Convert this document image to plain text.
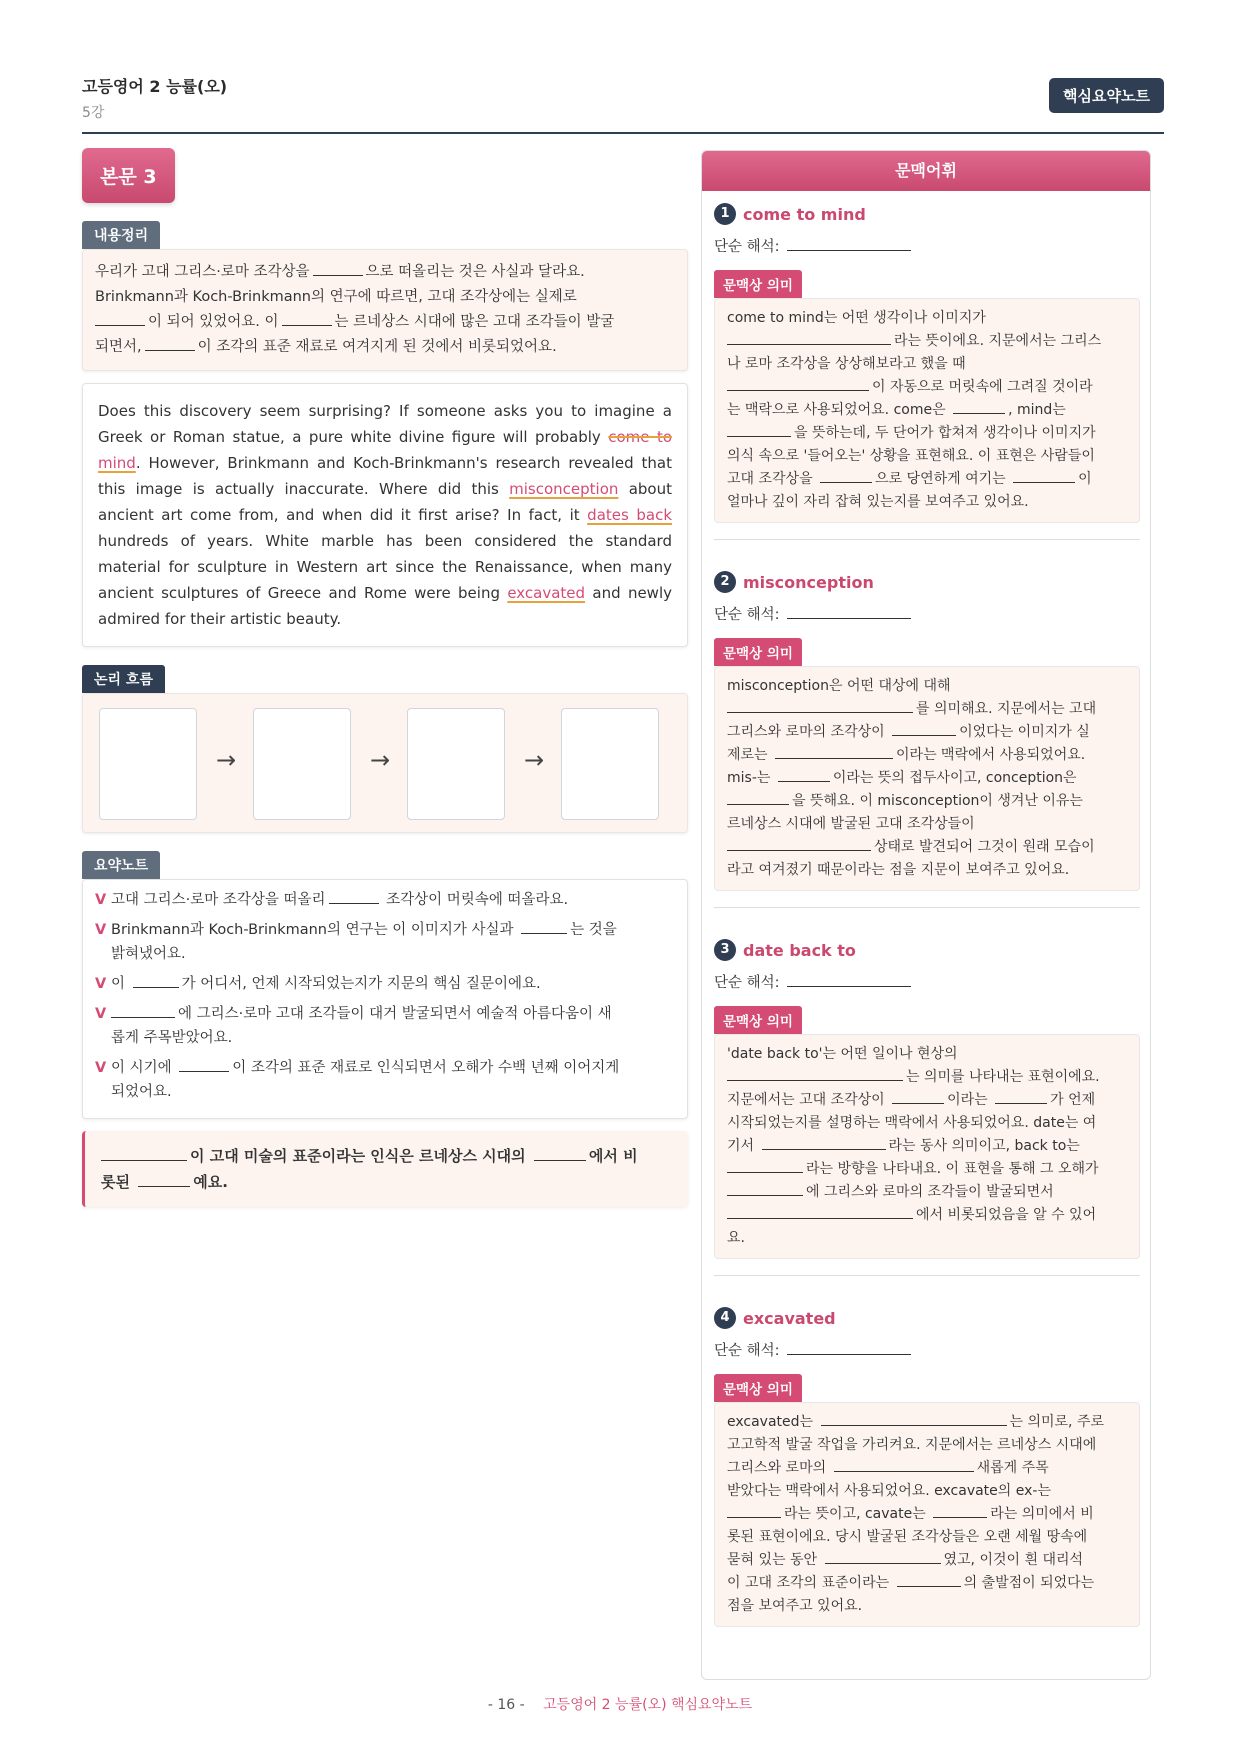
고등영어 2 능률(오)
5강
핵심요약노트
본문 3
내용정리
우리가 고대 그리스·로마 조각상을	으로 떠올리는 것은 사실과 달라요.
Brinkmann과 Koch-Brinkmann의 연구에 따르면, 고대 조각상에는 실제로
이 되어 있었어요. 이	는 르네상스 시대에 많은 고대 조각들이 발굴
되면서,	이 조각의 표준 재료로 여겨지게 된 것에서 비롯되었어요.
Does this discovery seem surprising? If someone asks you to imagine a Greek or Roman statue, a pure white divine figure will probably come to mind. However, Brinkmann and Koch-Brinkmann's research revealed that this image is actually inaccurate. Where did this misconception about ancient art come from, and when did it first arise? In fact, it dates back hundreds of years. White marble has been considered the standard material for sculpture in Western art since the Renaissance, when many ancient sculptures of Greece and Rome were being excavated and newly admired for their artistic beauty.
논리 흐름
→	→	→
요약노트
V 고대 그리스·로마 조각상을 떠올리	조각상이 머릿속에 떠올라요.
V Brinkmann과 Koch-Brinkmann의 연구는 이 이미지가 사실과	는 것을
밝혀냈어요.
V 이	가 어디서, 언제 시작되었는지가 지문의 핵심 질문이에요.
V	에 그리스·로마 고대 조각들이 대거 발굴되면서 예술적 아름다움이 새
롭게 주목받았어요.
V 이 시기에	이 조각의 표준 재료로 인식되면서 오해가 수백 년째 이어지게
되었어요.
이 고대 미술의 표준이라는 인식은 르네상스 시대의	에서 비
롯된	예요.
문맥어휘
1 come to mind
단순 해석:
문맥상 의미
come to mind는 어떤 생각이나 이미지가
라는 뜻이에요. 지문에서는 그리스
나 로마 조각상을 상상해보라고 했을 때
이 자동으로 머릿속에 그려질 것이라
는 맥락으로 사용되었어요. come은	, mind는
을 뜻하는데, 두 단어가 합쳐져 생각이나 이미지가
의식 속으로 '들어오는' 상황을 표현해요. 이 표현은 사람들이
고대 조각상을	으로 당연하게 여기는	이
얼마나 깊이 자리 잡혀 있는지를 보여주고 있어요.
2 misconception
단순 해석:
문맥상 의미
misconception은 어떤 대상에 대해
를 의미해요. 지문에서는 고대
그리스와 로마의 조각상이	이었다는 이미지가 실
제로는	이라는 맥락에서 사용되었어요.
mis-는	이라는 뜻의 접두사이고, conception은
을 뜻해요. 이 misconception이 생겨난 이유는
르네상스 시대에 발굴된 고대 조각상들이
상태로 발견되어 그것이 원래 모습이
라고 여겨졌기 때문이라는 점을 지문이 보여주고 있어요.
3 date back to
단순 해석:
문맥상 의미
'date back to'는 어떤 일이나 현상의
는 의미를 나타내는 표현이에요.
지문에서는 고대 조각상이	이라는	가 언제
시작되었는지를 설명하는 맥락에서 사용되었어요. date는 여
기서	라는 동사 의미이고, back to는
라는 방향을 나타내요. 이 표현을 통해 그 오해가
에 그리스와 로마의 조각들이 발굴되면서
에서 비롯되었음을 알 수 있어
요.
4 excavated
단순 해석:
문맥상 의미
excavated는	는 의미로, 주로
고고학적 발굴 작업을 가리켜요. 지문에서는 르네상스 시대에
그리스와 로마의	새롭게 주목
받았다는 맥락에서 사용되었어요. excavate의 ex-는
라는 뜻이고, cavate는	라는 의미에서 비
롯된 표현이에요. 당시 발굴된 조각상들은 오랜 세월 땅속에
묻혀 있는 동안	였고, 이것이 흰 대리석
이 고대 조각의 표준이라는	의 출발점이 되었다는
점을 보여주고 있어요.
- 16 - 고등영어 2 능률(오) 핵심요약노트
